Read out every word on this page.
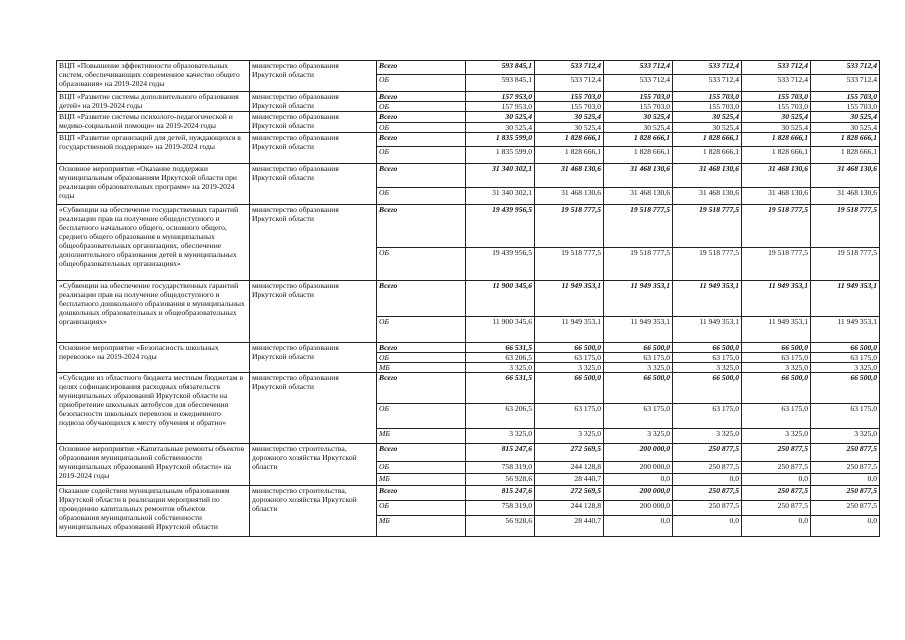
ВЦП «Повышение эффективности образовательных систем, обеспечивающих современное качество общего образования» на 2019-2024 годы	министерство образования Иркутской области	Всего	593 845,1	533 712,4	533 712,4	533 712,4	533 712,4	533 712,4
		ОБ	593 845,1	533 712,4	533 712,4	533 712,4	533 712,4	533 712,4
ВЦП «Развитие системы дополнительного образования детей» на 2019-2024 годы	министерство образования Иркутской области	Всего	157 953,0	155 703,0	155 703,0	155 703,0	155 703,0	155 703,0
		ОБ	157 953,0	155 703,0	155 703,0	155 703,0	155 703,0	155 703,0
ВЦП «Развитие системы психолого-педагогической и медико-социальной помощи» на 2019-2024 годы	министерство образования Иркутской области	Всего	30 525,4	30 525,4	30 525,4	30 525,4	30 525,4	30 525,4
		ОБ	30 525,4	30 525,4	30 525,4	30 525,4	30 525,4	30 525,4
ВЦП «Развитие организаций для детей, нуждающихся в государственной поддержке» на 2019-2024 годы	министерство образования Иркутской области	Всего	1 835 599,0	1 828 666,1	1 828 666,1	1 828 666,1	1 828 666,1	1 828 666,1
		ОБ	1 835 599,0	1 828 666,1	1 828 666,1	1 828 666,1	1 828 666,1	1 828 666,1
Основное мероприятие «Оказание поддержки муниципальным образованиям Иркутской области при реализации образовательных программ» на 2019-2024 годы	министерство образования Иркутской области	Всего	31 340 302,1	31 468 130,6	31 468 130,6	31 468 130,6	31 468 130,6	31 468 130,6
		ОБ	31 340 302,1	31 468 130,6	31 468 130,6	31 468 130,6	31 468 130,6	31 468 130,6
«Субвенции на обеспечение государственных гарантий реализации прав на получение общедоступного и бесплатного начального общего, основного общего, среднего общего образования в муниципальных общеобразовательных организациях, обеспечение дополнительного образования детей в муниципальных общеобразовательных организациях»	министерство образования Иркутской области	Всего	19 439 956,5	19 518 777,5	19 518 777,5	19 518 777,5	19 518 777,5	19 518 777,5
		ОБ	19 439 956,5	19 518 777,5	19 518 777,5	19 518 777,5	19 518 777,5	19 518 777,5
«Субвенции на обеспечение государственных гарантий реализации прав на получение общедоступного и бесплатного дошкольного образования в муниципальных дошкольных образовательных и общеобразовательных организациях»	министерство образования Иркутской области	Всего	11 900 345,6	11 949 353,1	11 949 353,1	11 949 353,1	11 949 353,1	11 949 353,1
		ОБ	11 900 345,6	11 949 353,1	11 949 353,1	11 949 353,1	11 949 353,1	11 949 353,1
Основное мероприятие «Безопасность школьных перевозок» на 2019-2024 годы	министерство образования Иркутской области	Всего	66 531,5	66 500,0	66 500,0	66 500,0	66 500,0	66 500,0
		ОБ	63 206,5	63 175,0	63 175,0	63 175,0	63 175,0	63 175,0
		МБ	3 325,0	3 325,0	3 325,0	3 325,0	3 325,0	3 325,0
«Субсидии из областного бюджета местным бюджетам в целях софинансирования расходных обязательств муниципальных образований Иркутской области на приобретение школьных автобусов для обеспечения безопасности школьных перевозок и ежедневного подвоза обучающихся к месту обучения и обратно»	министерство образования Иркутской области	Всего	66 531,5	66 500,0	66 500,0	66 500,0	66 500,0	66 500,0
		ОБ	63 206,5	63 175,0	63 175,0	63 175,0	63 175,0	63 175,0
		МБ	3 325,0	3 325,0	3 325,0	3 325,0	3 325,0	3 325,0
Основное мероприятие «Капитальные ремонты объектов образования муниципальной собственности муниципальных образований Иркутской области» на 2019-2024 годы	министерство строительства, дорожного хозяйства Иркутской области	Всего	815 247,6	272 569,5	200 000,0	250 877,5	250 877,5	250 877,5
		ОБ	758 319,0	244 128,8	200 000,0	250 877,5	250 877,5	250 877,5
		МБ	56 928,6	28 440,7	0,0	0,0	0,0	0,0
Оказание содействия муниципальным образованиям Иркутской области в реализации мероприятий по проведению капитальных ремонтов объектов образования муниципальной собственности муниципальных образований Иркутской области	министерство строительства, дорожного хозяйства Иркутской области	Всего	815 247,6	272 569,5	200 000,0	250 877,5	250 877,5	250 877,5
		ОБ	758 319,0	244 128,8	200 000,0	250 877,5	250 877,5	250 877,5
		МБ	56 928,6	28 440,7	0,0	0,0	0,0	0,0
